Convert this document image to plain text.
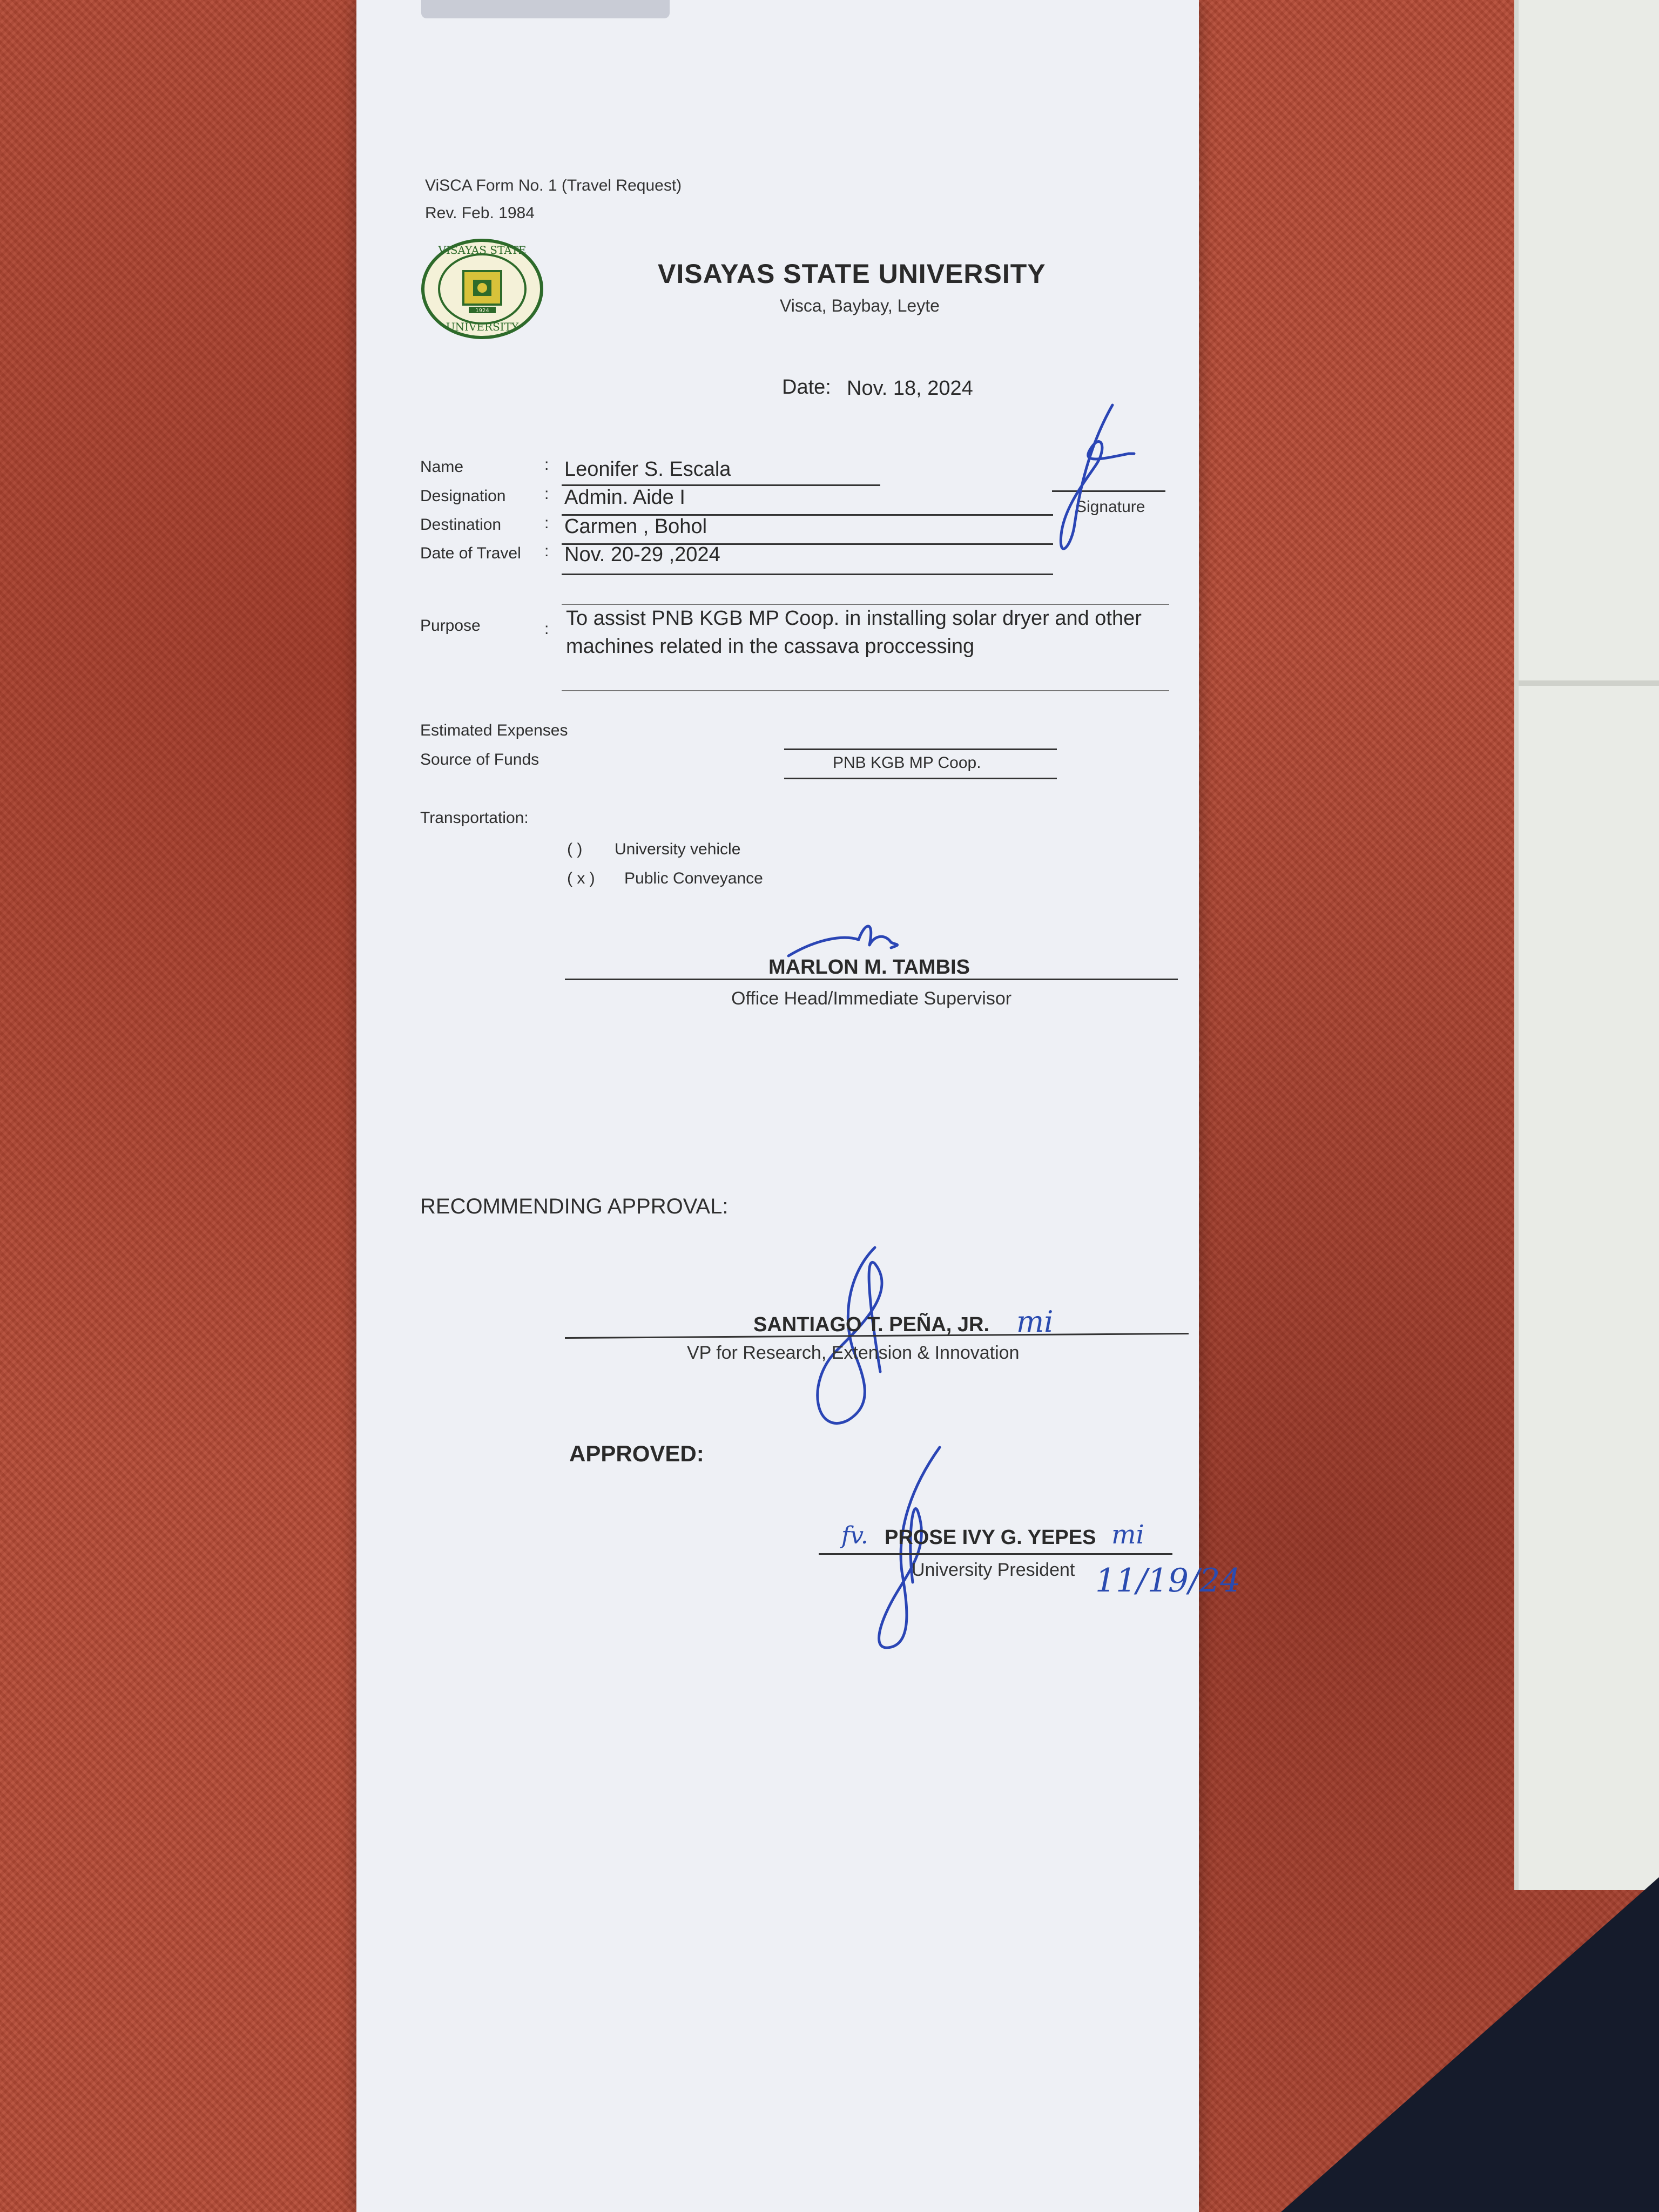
ViSCA Form No. 1 (Travel Request)
Rev. Feb. 1984
VISAYAS STATE
UNIVERSITY
1924
VISAYAS STATE UNIVERSITY
Visca, Baybay, Leyte
Date: Nov. 18, 2024
Name	: Leonifer S. Escala
Designation : Admin. Aide I
Destination	: Carmen , Bohol
Date of Travel : Nov. 20-29 ,2024
Signature
Purpose	: To assist PNB KGB MP Coop. in installing solar dryer and other
machines related in the cassava proccessing
Estimated Expenses
Source of Funds	PNB KGB MP Coop.
Transportation:
( ) University vehicle
( x ) Public Conveyance
MARLON M. TAMBIS
Office Head/Immediate Supervisor
RECOMMENDING APPROVAL:
SANTIAGO T. PEÑA, JR. mi
VP for Research, Extension & Innovation
APPROVED:
fv. PROSE IVY G. YEPES mi
University President 11/19/24
